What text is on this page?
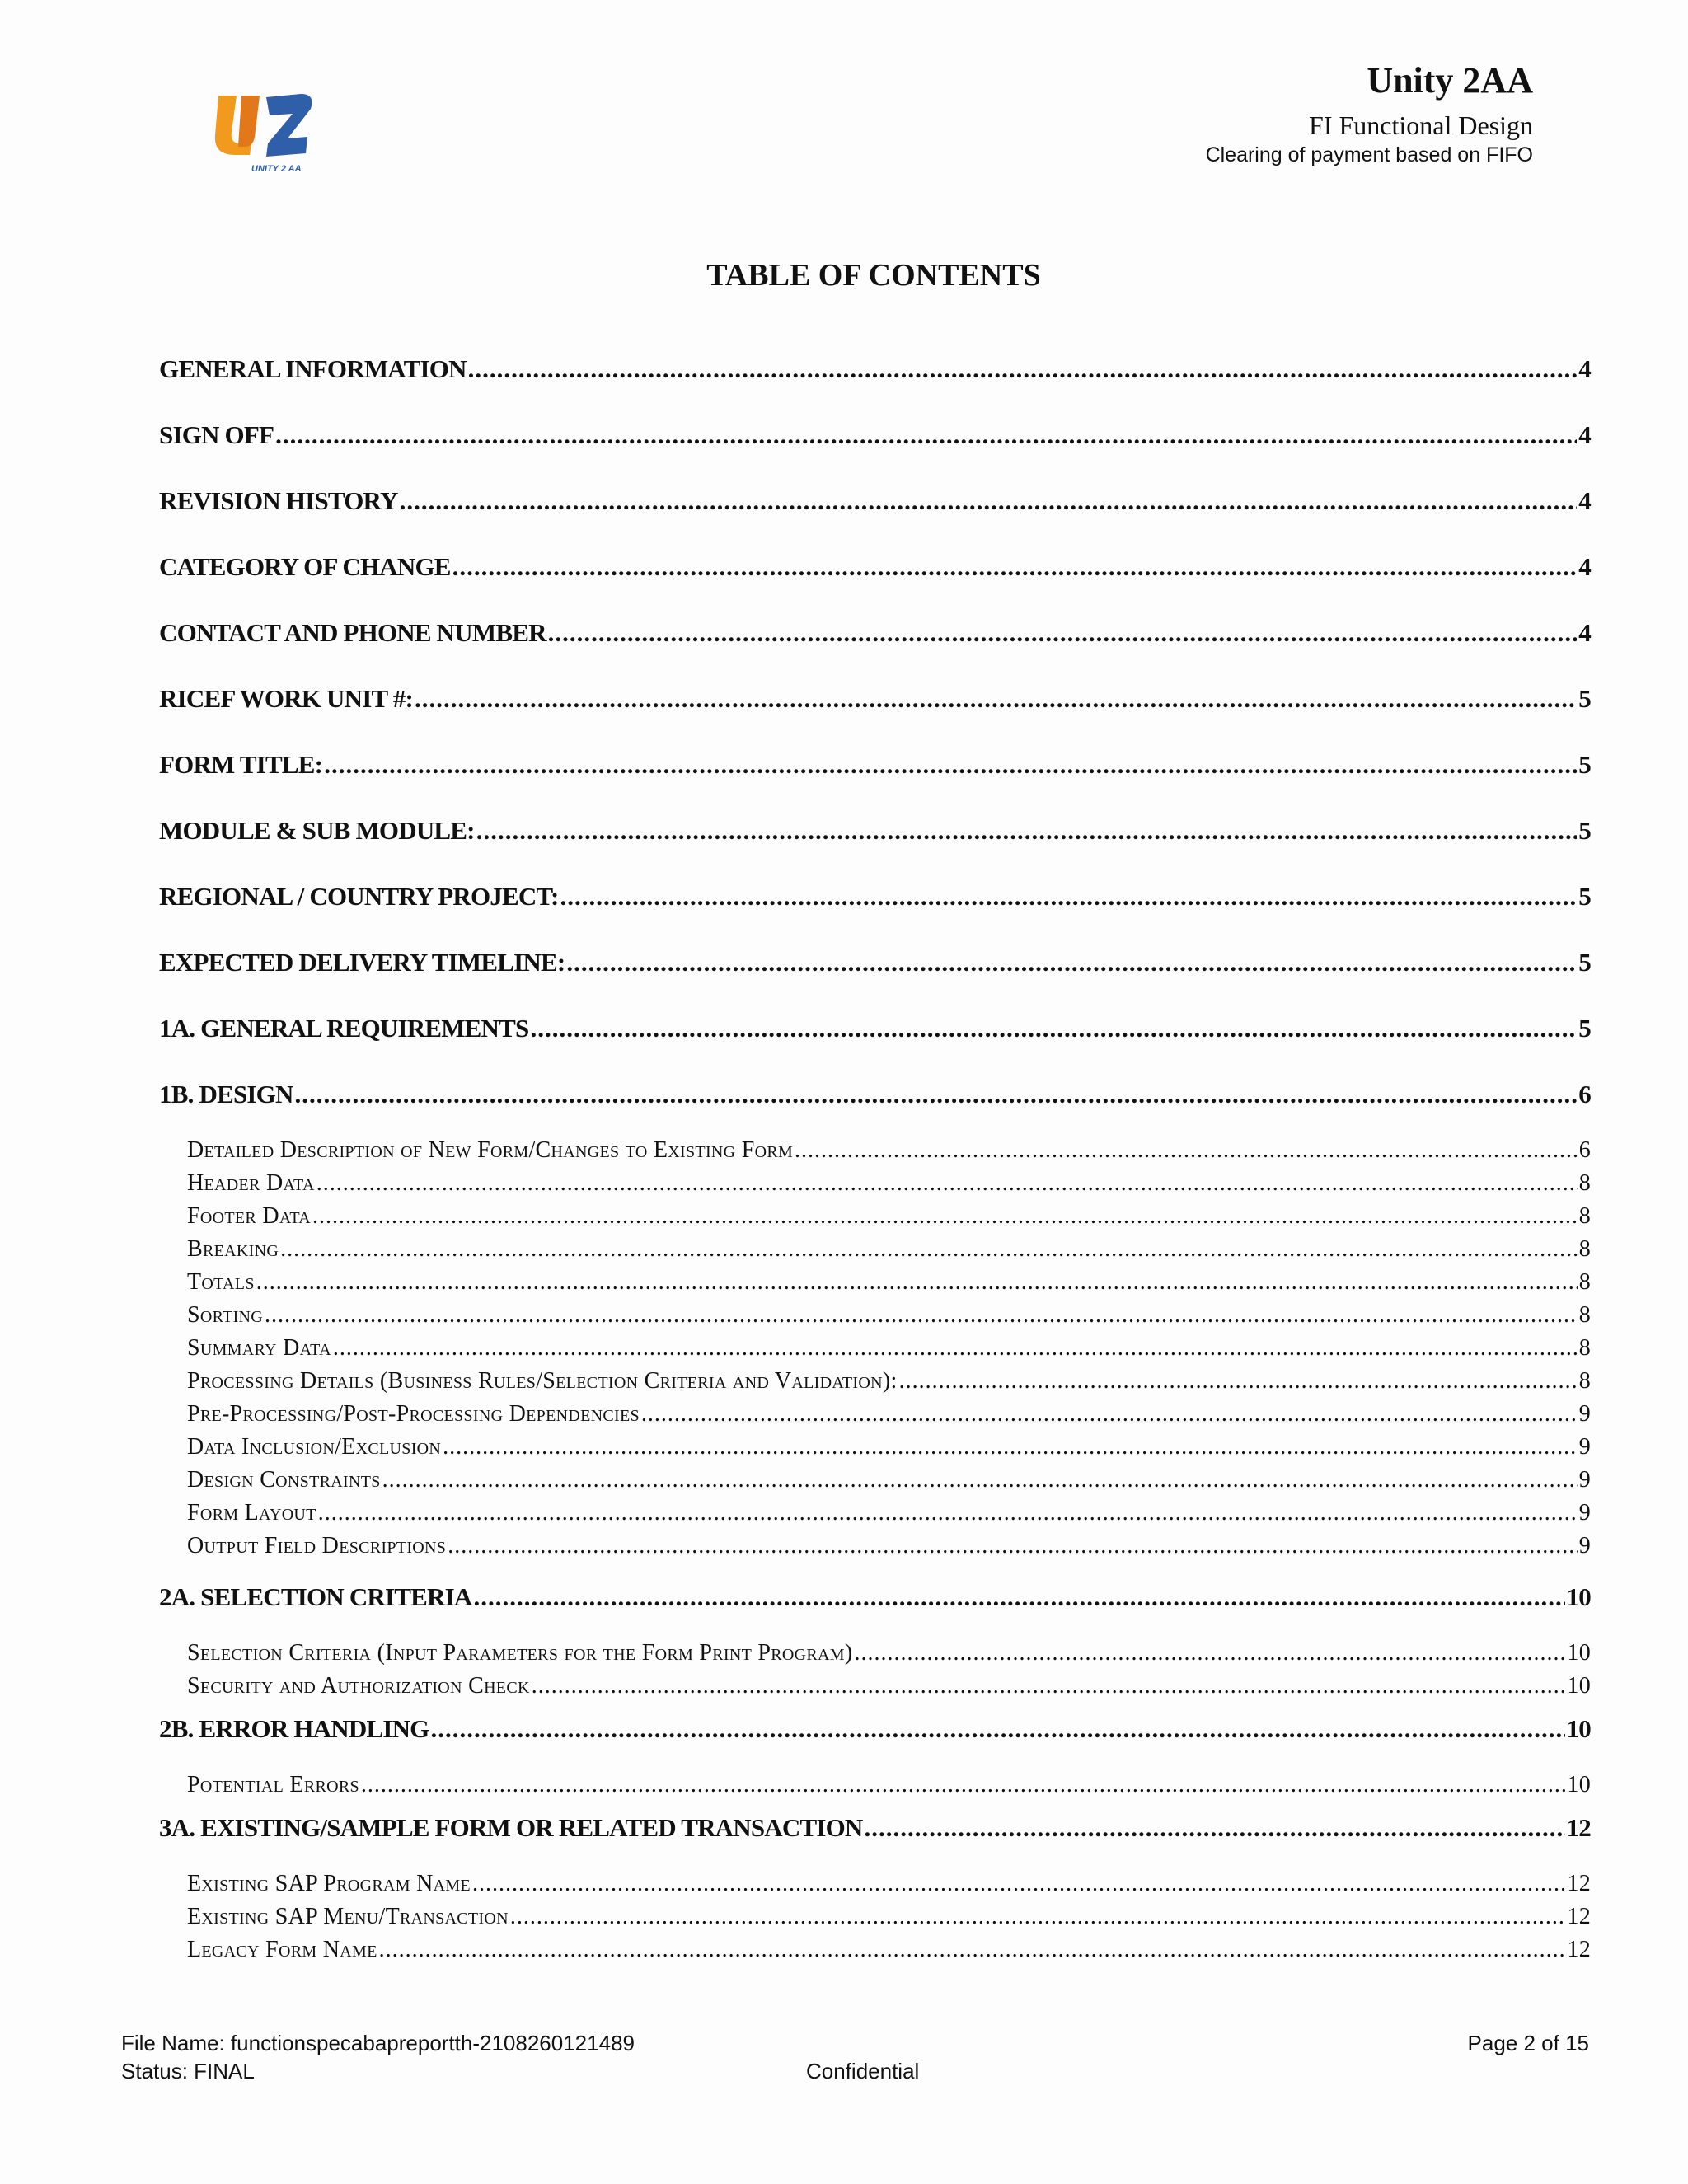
UNITY 2 AA
Unity 2AA
FI Functional Design
Clearing of payment based on FIFO
TABLE OF CONTENTS
GENERAL INFORMATION .....	4
SIGN OFF .....	4
REVISION HISTORY .....	4
CATEGORY OF CHANGE .....	4
CONTACT AND PHONE NUMBER .....	4
RICEF WORK UNIT #: .....	5
FORM TITLE: .....	5
MODULE & SUB MODULE: .....	5
REGIONAL / COUNTRY PROJECT: .....	5
EXPECTED DELIVERY TIMELINE: .....	5
1A. GENERAL REQUIREMENTS .....	5
1B. DESIGN .....	6
Detailed Description of New Form/Changes to Existing Form .....	6
Header Data .....	8
Footer Data .....	8
Breaking .....	8
Totals .....	8
Sorting .....	8
Summary Data .....	8
Processing Details (Business Rules/Selection Criteria and Validation): .....	8
Pre-Processing/Post-Processing Dependencies .....	9
Data Inclusion/Exclusion .....	9
Design Constraints .....	9
Form Layout .....	9
Output Field Descriptions .....	9
2A. SELECTION CRITERIA .....	10
Selection Criteria (Input Parameters for the Form Print Program) .....	10
Security and Authorization Check .....	10
2B. ERROR HANDLING .....	10
Potential Errors .....	10
3A. EXISTING/SAMPLE FORM OR RELATED TRANSACTION .....	12
Existing SAP Program Name .....	12
Existing SAP Menu/Transaction .....	12
Legacy Form Name .....	12
File Name: functionspecabapreportth-2108260121489
Status: FINAL	Confidential
Page 2 of 15
